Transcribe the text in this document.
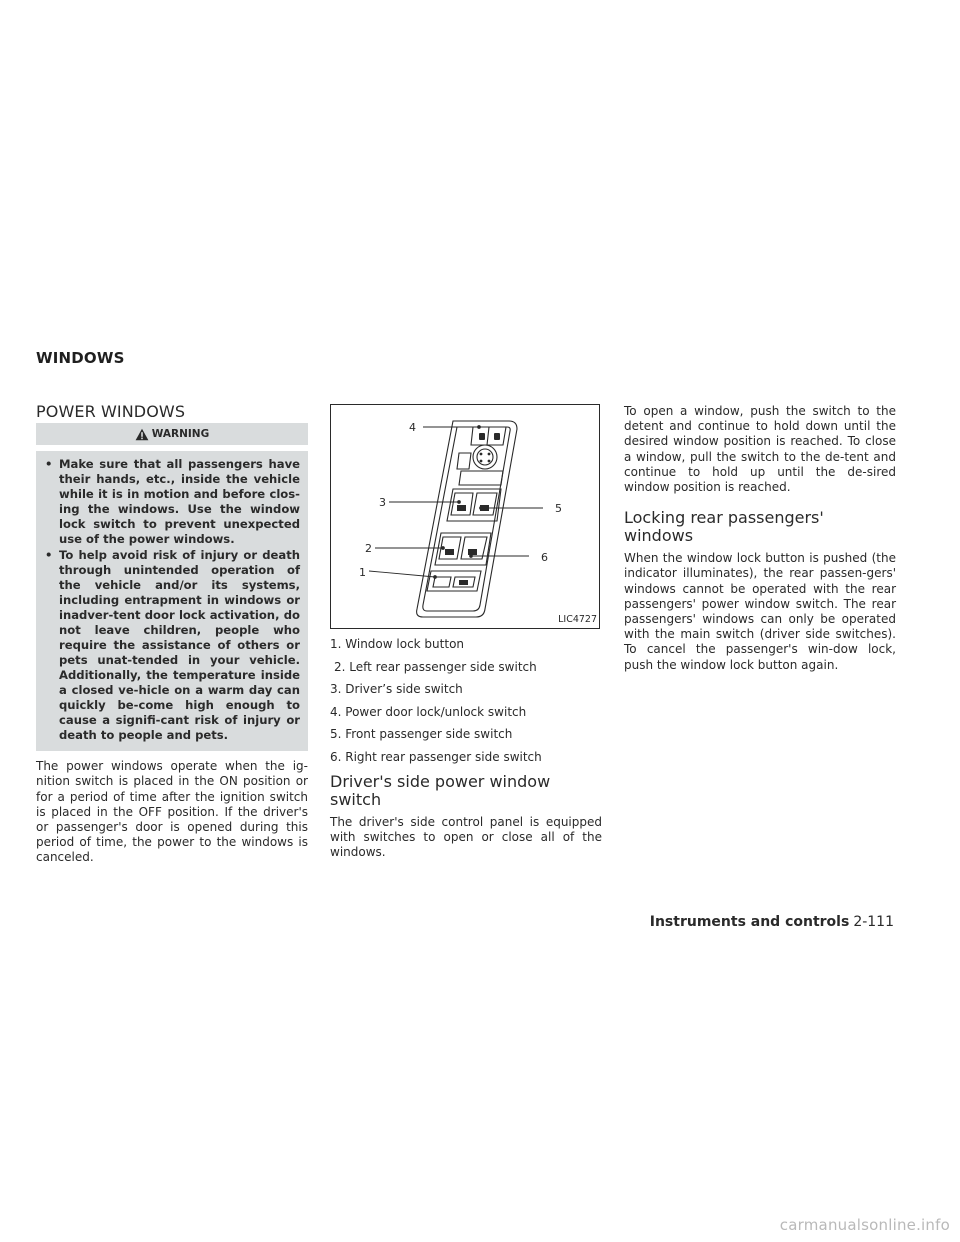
WINDOWS
POWER WINDOWS
WARNING
• Make sure that all passengers have their hands, etc., inside the vehicle while it is in motion and before clos-ing the windows. Use the window lock switch to prevent unexpected use of the power windows.
• To help avoid risk of injury or death through unintended operation of the vehicle and/or its systems, including entrapment in windows or inadver-tent door lock activation, do not leave children, people who require the assistance of others or pets unat-tended in your vehicle. Additionally, the temperature inside a closed ve-hicle on a warm day can quickly be-come high enough to cause a signifi-cant risk of injury or death to people and pets.

The power windows operate when the ig-nition switch is placed in the ON position or for a period of time after the ignition switch is placed in the OFF position. If the driver's or passenger's door is opened during this period of time, the power to the windows is canceled.

4
3	5
2
6
1
LIC4727
1. Window lock button
2. Left rear passenger side switch
3. Driver’s side switch
4. Power door lock/unlock switch
5. Front passenger side switch
6. Right rear passenger side switch
Driver's side power window
switch

The driver's side control panel is equipped with switches to open or close all of the windows.

To open a window, push the switch to the detent and continue to hold down until the desired window position is reached. To close a window, pull the switch to the de-tent and continue to hold up until the de-sired window position is reached.

Locking rear passengers'
windows

When the window lock button is pushed (the indicator illuminates), the rear passen-gers' windows cannot be operated with the rear passengers' power window switch. The rear passengers' windows can only be operated with the main switch (driver side switches). To cancel the passenger's win-dow lock, push the window lock button again.

Instruments and controls 2-111
carmanualsonline.info
